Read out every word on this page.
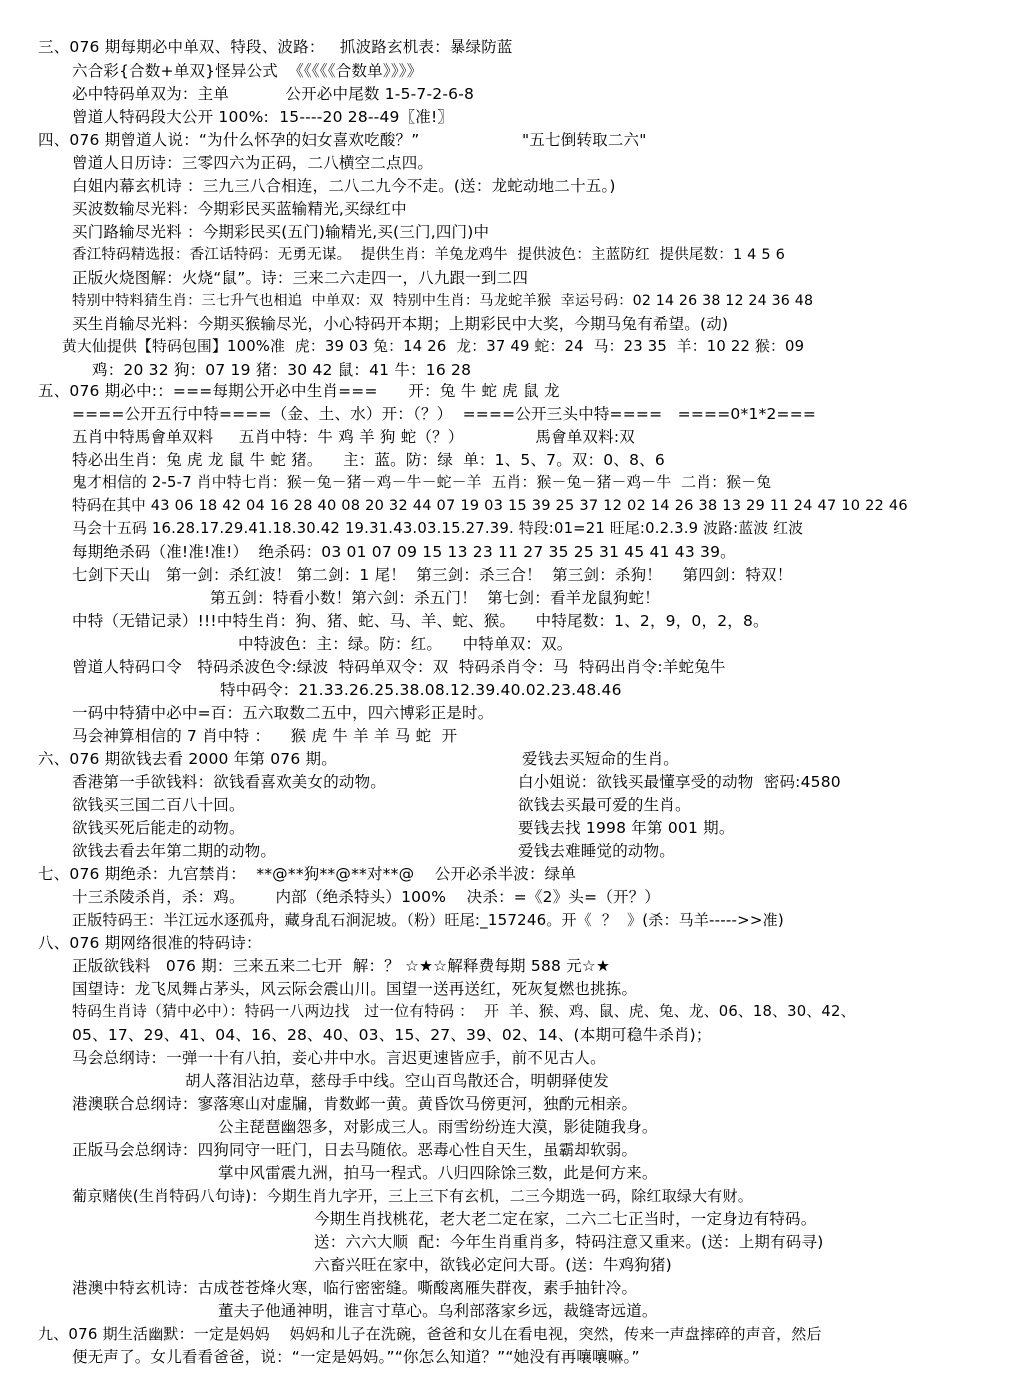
三、076 期每期必中单双、特段、波路：   抓波路玄机表：暴绿防蓝
六合彩{合数+单双}怪异公式  《《《《《合数单》》》》
必中特码单双为：主单           公开必中尾数 1-5-7-2-6-8
曾道人特码段大公开 100%:  15----20 28--49〖准!〗
四、076 期曾道人说：“为什么怀孕的妇女喜欢吃酸？”                    "五七倒转取二六"
曾道人日历诗：三零四六为正码，二八横空二点四。
白姐内幕玄机诗 ：三九三八合相连，二八二九今不走。(送：龙蛇动地二十五。)
买波数输尽光料：今期彩民买蓝输精光,买绿红中
买门路输尽光料 ：今期彩民买(五门)输精光,买(三门,四门)中
香江特码精选报：香江话特码：无勇无谋。  提供生肖：羊兔龙鸡牛  提供波色：主蓝防红  提供尾数：1 4 5 6
正版火烧图解：火烧“鼠”。诗：三来二六走四一，八九跟一到二四
特别中特料猜生肖：三七升气也相追  中单双：双  特别中生肖：马龙蛇羊猴  幸运号码：02 14 26 38 12 24 36 48
买生肖输尽光料：今期买猴输尽光，小心特码开本期；上期彩民中大奖，今期马兔有希望。(动)
黄大仙提供【特码包围】100%准  虎：39 03 兔：14 26  龙：37 49 蛇：24  马：23 35  羊：10 22 猴：09
鸡：20 32 狗：07 19 猪：30 42 鼠：41 牛：16 28
五、076 期必中:：===每期公开必中生肖===      开：兔 牛 蛇 虎 鼠 龙
====公开五行中特====（金、土、水）开：（？）  ====公开三头中特====   ====0*1*2===
五肖中特馬會单双料     五肖中特：牛 鸡 羊 狗 蛇（？）              馬會单双料:双
特必出生肖：兔 虎 龙 鼠 牛 蛇 猪。    主：蓝。防：绿  单：1、5、7。双：0、8、6
鬼才相信的 2-5-7 肖中特七肖：猴－兔－猪－鸡－牛－蛇－羊  五肖：猴－兔－猪－鸡－牛  二肖：猴－兔
特码在其中 43 06 18 42 04 16 28 40 08 20 32 44 07 19 03 15 39 25 37 12 02 14 26 38 13 29 11 24 47 10 22 46
马会十五码 16.28.17.29.41.18.30.42 19.31.43.03.15.27.39. 特段:01=21 旺尾:0.2.3.9 波路:蓝波 红波
每期绝杀码（准!准!准!）  绝杀码：03 01 07 09 15 13 23 11 27 35 25 31 45 41 43 39。
七剑下天山   第一剑：杀红波！ 第二剑：1 尾！  第三剑：杀三合！  第三剑：杀狗！    第四剑：特双！
第五剑：特看小数！第六剑：杀五门！  第七剑：看羊龙鼠狗蛇！
中特（无错记录）!!!中特生肖：狗、猪、蛇、马、羊、蛇、猴。    中特尾数：1、2，9，0，2，8。
中特波色：主：绿。防：红。    中特单双：双。
曾道人特码口令   特码杀波色令:绿波  特码单双令：双  特码杀肖令：马  特码出肖令:羊蛇兔牛
特中码令：21.33.26.25.38.08.12.39.40.02.23.48.46
一码中特猜中必中=百：五六取数二五中，四六博彩正是时。
马会神算相信的 7 肖中特 ：    猴 虎 牛 羊 羊 马 蛇  开
六、076 期欲钱去看 2000 年第 076 期。	爱钱去买短命的生肖。
香港第一手欲钱料：欲钱看喜欢美女的动物。	白小姐说：欲钱买最懂享受的动物  密码:4580
欲钱买三国二百八十回。	欲钱去买最可爱的生肖。
欲钱买死后能走的动物。	要钱去找 1998 年第 001 期。
欲钱去看去年第二期的动物。	爱钱去难睡觉的动物。
七、076 期绝杀：九宫禁肖：  **@**狗**@**对**@    公开必杀半波：绿单
十三杀陵杀肖，杀：鸡。      内部（绝杀特头）100%    决杀：=《2》头=（开？）
正版特码王：半江远水逐孤舟，藏身乱石涧泥坡。（粉）旺尾:_157246。开《  ？  》(杀：马羊----->>准)
八、076 期网络很准的特码诗：
正版欲钱料   076 期：三来五来二七开  解：？ ☆★☆解释费每期 588 元☆★
国望诗：龙飞凤舞占茅头，风云际会震山川。国望一送再送红，死灰复燃也挑拣。
特码生肖诗（猜中必中）：特码一八两边找   过一位有特码 ：  开  羊、猴、鸡、鼠、虎、兔、龙、06、18、30、42、
05、17、29、41、04、16、28、40、03、15、27、39、02、14、(本期可稳牛杀肖)；
马会总纲诗：一弹一十有八拍，妾心井中水。言迟更速皆应手，前不见古人。
胡人落泪沾边草，慈母手中线。空山百鸟散还合，明朝驿使发
港澳联合总纲诗：寥落寒山对虚牖，肯数邺一黄。黄昏饮马傍更河，独酌元相亲。
公主琵琶幽怨多，对影成三人。雨雪纷纷连大漠，影徒随我身。
正版马会总纲诗：四狗同守一旺门，日去马随依。恶毒心性自天生，虽霸却软弱。
掌中风雷震九洲，拍马一程式。八归四除馀三数，此是何方来。
葡京赌侠(生肖特码八句诗)：今期生肖九字开，三上三下有玄机，二三今期选一码，除红取绿大有财。
今期生肖找桃花，老大老二定在家，二六二七正当时，一定身边有特码。
送：六六大顺  配：今年生肖重肖多，特码注意又重来。(送：上期有码寻)
六畜兴旺在家中，欲钱必定问大哥。(送：牛鸡狗猪)
港澳中特玄机诗：古成苍苍烽火寒，临行密密缝。嘶酸离雁失群夜，素手抽针冷。
董夫子他通神明，谁言寸草心。乌利部落家乡远，裁缝寄远道。
九、076 期生活幽默：一定是妈妈    妈妈和儿子在洗碗，爸爸和女儿在看电视，突然，传来一声盘摔碎的声音，然后
便无声了。女儿看看爸爸，说：“一定是妈妈。”“你怎么知道？”“她没有再嚷嚷嘛。”
